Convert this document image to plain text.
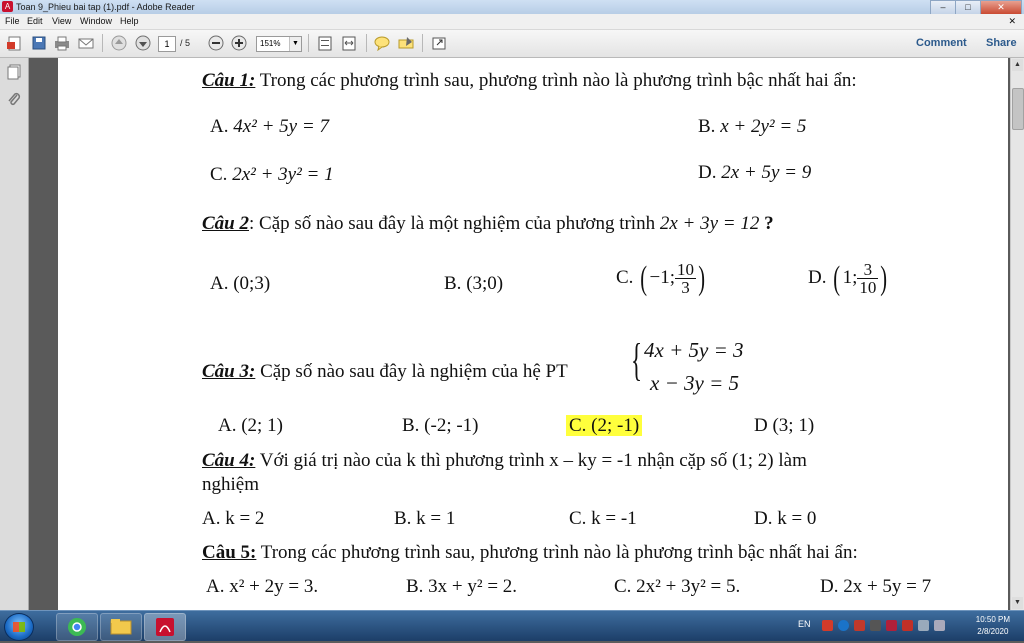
A Toan 9_Phieu bai tap (1).pdf - Adobe Reader	–	□	✕
File Edit View Window Help	✕
1	/ 5	151%	▼	Comment Share
Câu 1: Trong các phương trình sau, phương trình nào là phương trình bậc nhất hai ẩn:
A. 4x² + 5y = 7	B. x + 2y² = 5
C. 2x² + 3y² = 1	D. 2x + 5y = 9
Câu 2: Cặp số nào sau đây là một nghiệm của phương trình 2x + 3y = 12 ?
A. (0;3)	B. (3;0)	C. ( −1; $\frac{10}{3}$ )	D. ( 1; $\frac{3}{10}$ )
Câu 3: Cặp số nào sau đây là nghiệm của hệ PT { 4x + 5y = 3
x − 3y = 5
A. (2; 1)	B. (-2; -1)	C. (2; -1)	D (3; 1)
Câu 4: Với giá trị nào của k thì phương trình x – ky = -1 nhận cặp số (1; 2) làm
nghiệm
A. k = 2	B. k = 1	C. k = -1	D. k = 0
Câu 5: Trong các phương trình sau, phương trình nào là phương trình bậc nhất hai ẩn:
A. x² + 2y = 3.	B. 3x + y² = 2.	C. 2x² + 3y² = 5.	D. 2x + 5y = 7
▲
▼
EN	10:50 PM
2/8/2020
